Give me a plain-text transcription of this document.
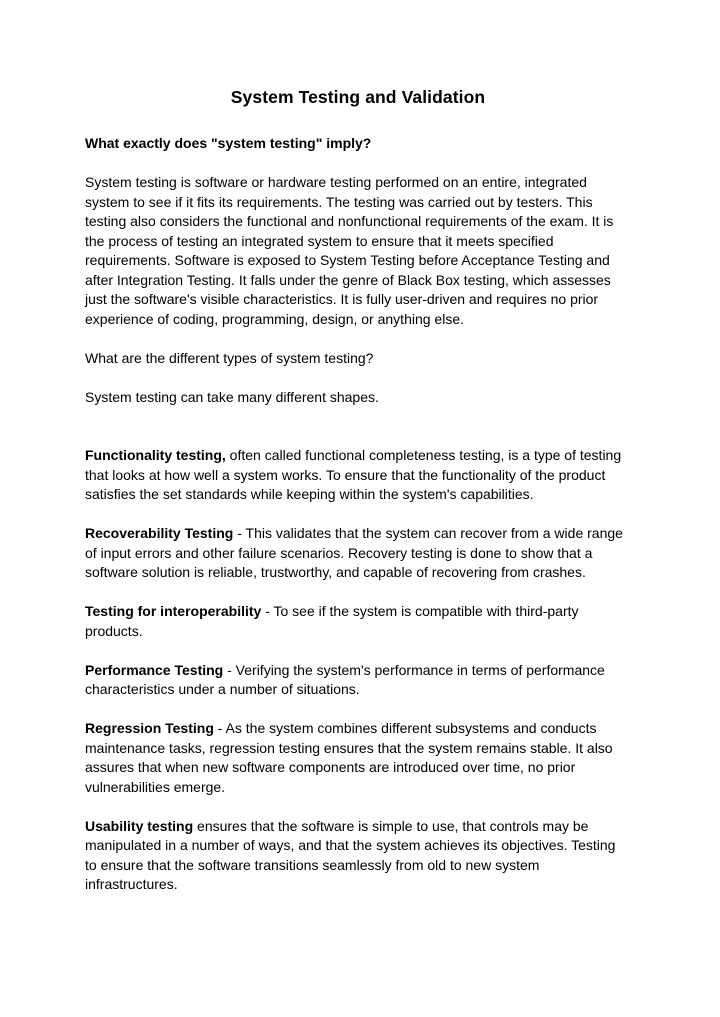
System Testing and Validation
What exactly does "system testing" imply?

System testing is software or hardware testing performed on an entire, integrated system to see if it fits its requirements. The testing was carried out by testers. This testing also considers the functional and nonfunctional requirements of the exam. It is the process of testing an integrated system to ensure that it meets specified requirements. Software is exposed to System Testing before Acceptance Testing and after Integration Testing. It falls under the genre of Black Box testing, which assesses just the software's visible characteristics. It is fully user-driven and requires no prior experience of coding, programming, design, or anything else.

What are the different types of system testing?

System testing can take many different shapes.

Functionality testing, often called functional completeness testing, is a type of testing that looks at how well a system works. To ensure that the functionality of the product satisfies the set standards while keeping within the system's capabilities.

Recoverability Testing - This validates that the system can recover from a wide range of input errors and other failure scenarios. Recovery testing is done to show that a software solution is reliable, trustworthy, and capable of recovering from crashes.

Testing for interoperability - To see if the system is compatible with third-party products.

Performance Testing - Verifying the system's performance in terms of performance characteristics under a number of situations.

Regression Testing - As the system combines different subsystems and conducts maintenance tasks, regression testing ensures that the system remains stable. It also assures that when new software components are introduced over time, no prior vulnerabilities emerge.

Usability testing ensures that the software is simple to use, that controls may be manipulated in a number of ways, and that the system achieves its objectives. Testing to ensure that the software transitions seamlessly from old to new system infrastructures.
